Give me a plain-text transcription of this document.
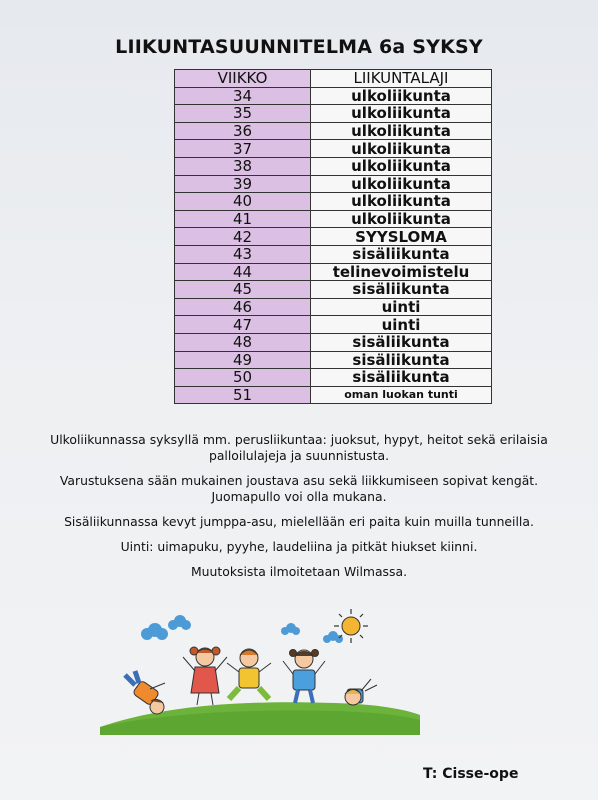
LIIKUNTASUUNNITELMA 6a SYKSY
VIIKKO	LIIKUNTALAJI
34	ulkoliikunta
35	ulkoliikunta
36	ulkoliikunta
37	ulkoliikunta
38	ulkoliikunta
39	ulkoliikunta
40	ulkoliikunta
41	ulkoliikunta
42	SYYSLOMA
43	sisäliikunta
44	telinevoimistelu
45	sisäliikunta
46	uinti
47	uinti
48	sisäliikunta
49	sisäliikunta
50	sisäliikunta
51	oman luokan tunti

Ulkoliikunnassa syksyllä mm. perusliikuntaa: juoksut, hypyt, heitot sekä erilaisia palloilulajeja ja suunnistusta.

Varustuksena sään mukainen joustava asu sekä liikkumiseen sopivat kengät. Juomapullo voi olla mukana.

Sisäliikunnassa kevyt jumppa-asu, mielellään eri paita kuin muilla tunneilla.

Uinti: uimapuku, pyyhe, laudeliina ja pitkät hiukset kiinni.

Muutoksista ilmoitetaan Wilmassa.

T: Cisse-ope
